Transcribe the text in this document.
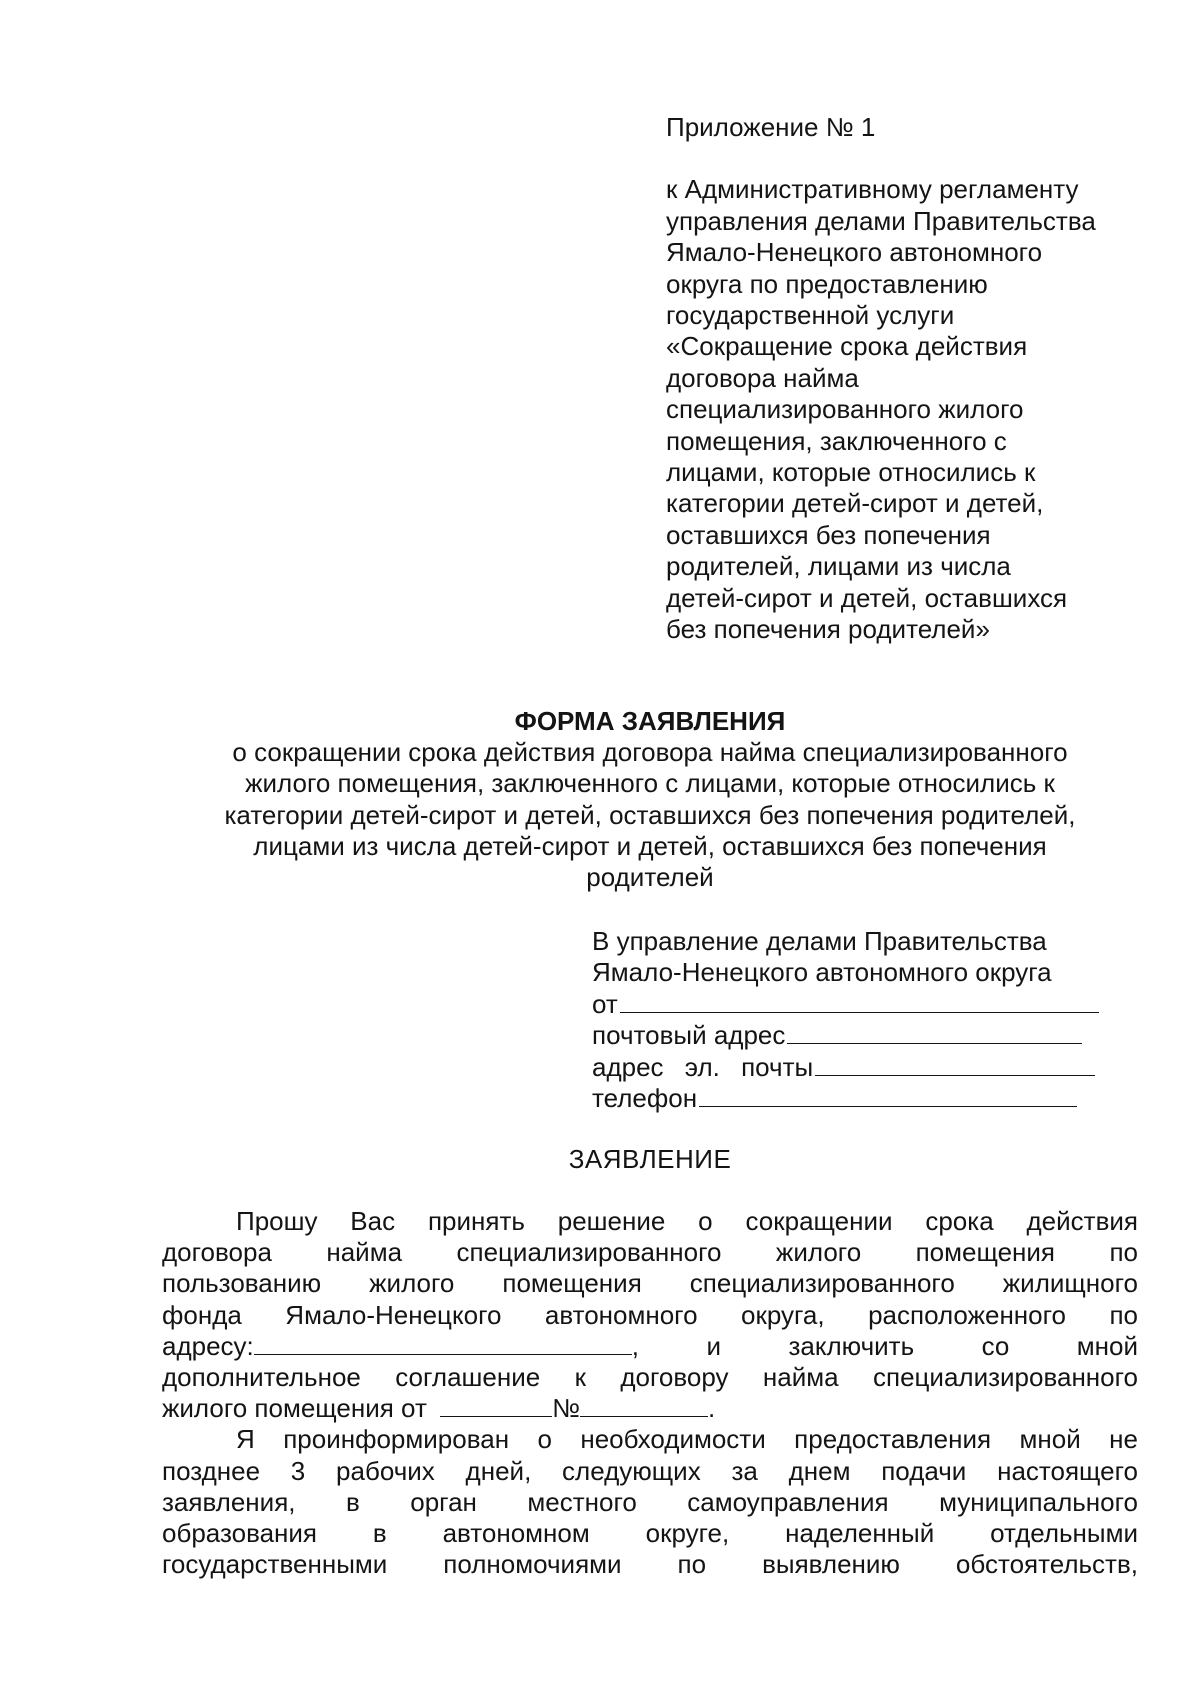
Приложение № 1
к Административному регламенту
управления делами Правительства
Ямало-Ненецкого автономного
округа по предоставлению
государственной услуги
«Сокращение срока действия
договора найма
специализированного жилого
помещения, заключенного с
лицами, которые относились к
категории детей-сирот и детей,
оставшихся без попечения
родителей, лицами из числа
детей-сирот и детей, оставшихся
без попечения родителей»
ФОРМА ЗАЯВЛЕНИЯ
о сокращении срока действия договора найма специализированного
жилого помещения, заключенного с лицами, которые относились к
категории детей-сирот и детей, оставшихся без попечения родителей,
лицами из числа детей-сирот и детей, оставшихся без попечения
родителей
В управление делами Правительства
Ямало-Ненецкого автономного округа
от
почтовый адрес
адрес эл. почты
телефон
ЗАЯВЛЕНИЕ
Прошу Вас принять решение о сокращении срока действия
договора найма специализированного жилого помещения по
пользованию жилого помещения специализированного жилищного
фонда Ямало-Ненецкого автономного округа, расположенного по
адресу:	, и заключить со мной
дополнительное соглашение к договору найма специализированного
жилого помещения от	№	.
Я проинформирован о необходимости предоставления мной не
позднее 3 рабочих дней, следующих за днем подачи настоящего
заявления, в орган местного самоуправления муниципального
образования в автономном округе, наделенный отдельными
государственными полномочиями по выявлению обстоятельств,
